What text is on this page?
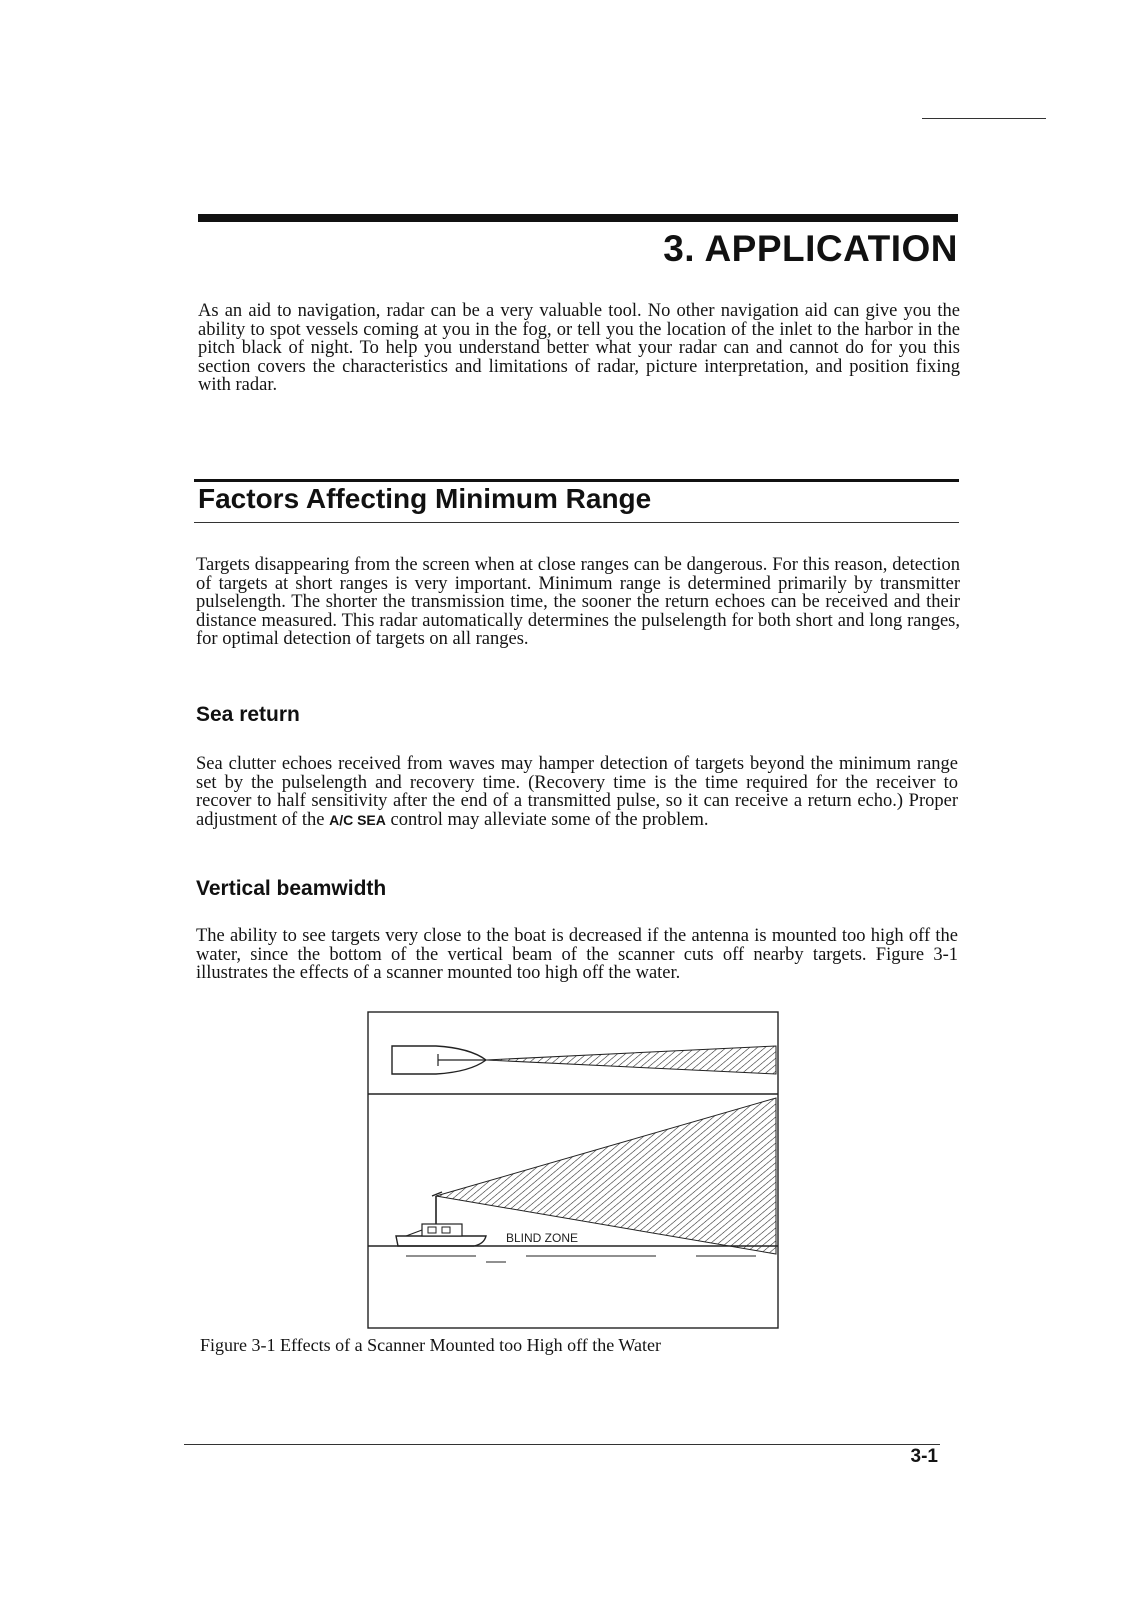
3. APPLICATION

As an aid to navigation, radar can be a very valuable tool. No other navigation aid can give you the ability to spot vessels coming at you in the fog, or tell you the location of the inlet to the harbor in the pitch black of night. To help you understand better what your radar can and cannot do for you this section covers the characteristics and limitations of radar, picture interpretation, and position fixing with radar.

Factors Affecting Minimum Range

Targets disappearing from the screen when at close ranges can be dangerous. For this reason, detection of targets at short ranges is very important. Minimum range is determined primarily by transmitter pulselength. The shorter the transmission time, the sooner the return echoes can be received and their distance measured. This radar automatically determines the pulselength for both short and long ranges, for optimal detection of targets on all ranges.

Sea return

Sea clutter echoes received from waves may hamper detection of targets beyond the minimum range set by the pulselength and recovery time. (Recovery time is the time required for the receiver to recover to half sensitivity after the end of a transmitted pulse, so it can receive a return echo.) Proper adjustment of the A/C SEA control may alleviate some of the problem.

Vertical beamwidth

The ability to see targets very close to the boat is decreased if the antenna is mounted too high off the water, since the bottom of the vertical beam of the scanner cuts off nearby targets. Figure 3-1 illustrates the effects of a scanner mounted too high off the water.

BLIND ZONE

Figure 3-1 Effects of a Scanner Mounted too High off the Water

3-1
